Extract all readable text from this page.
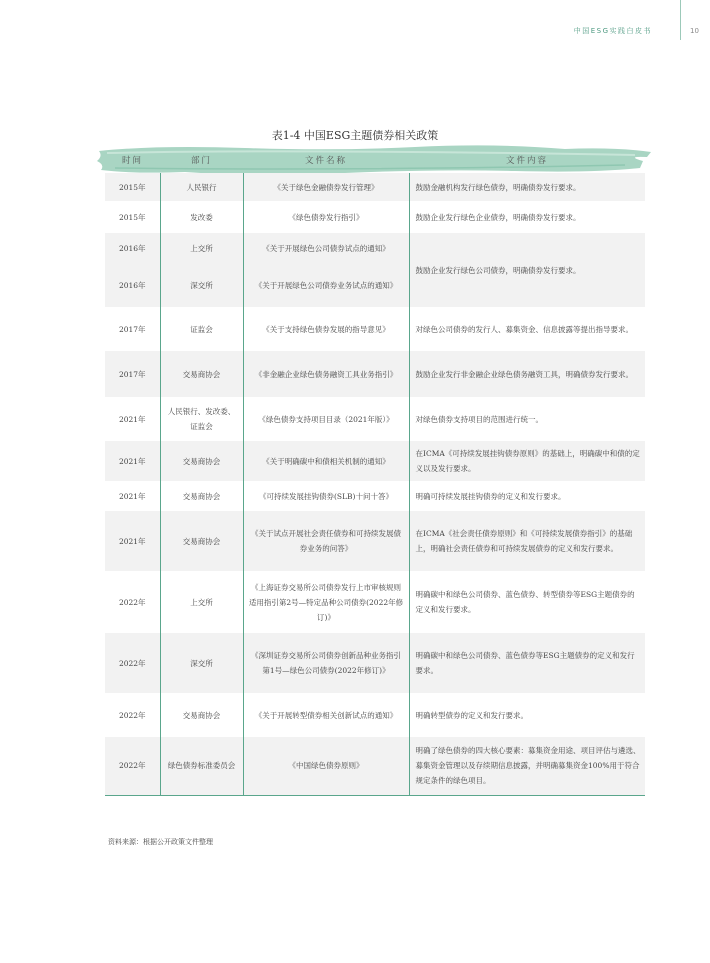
中国ESG实践白皮书	10
表1-4 中国ESG主题债券相关政策
时间	部门	文件名称	文件内容
2015年	人民银行	《关于绿色金融债券发行管理》	鼓励金融机构发行绿色债券，明确债券发行要求。
2015年	发改委	《绿色债券发行指引》	鼓励企业发行绿色企业债券，明确债券发行要求。
2016年	上交所	《关于开展绿色公司债券试点的通知》	鼓励企业发行绿色公司债券，明确债券发行要求。
2016年	深交所	《关于开展绿色公司债券业务试点的通知》	
2017年	证监会	《关于支持绿色债券发展的指导意见》	对绿色公司债券的发行人、募集资金、信息披露等提出指导要求。
2017年	交易商协会	《非金融企业绿色债务融资工具业务指引》	鼓励企业发行非金融企业绿色债务融资工具，明确债券发行要求。
2021年	人民银行、发改委、证监会	《绿色债券支持项目目录（2021年版）》	对绿色债券支持项目的范围进行统一。
2021年	交易商协会	《关于明确碳中和债相关机制的通知》	在ICMA《可持续发展挂钩债券原则》的基础上，明确碳中和债的定义以及发行要求。
2021年	交易商协会	《可持续发展挂钩债券(SLB)十问十答》	明确可持续发展挂钩债券的定义和发行要求。
2021年	交易商协会	《关于试点开展社会责任债券和可持续发展债券业务的问答》	在ICMA《社会责任债券原则》和《可持续发展债券指引》的基础上，明确社会责任债券和可持续发展债券的定义和发行要求。
2022年	上交所	《上海证券交易所公司债券发行上市审核规则适用指引第2号—特定品种公司债券(2022年修订)》	明确碳中和绿色公司债券、蓝色债券、转型债券等ESG主题债券的定义和发行要求。
2022年	深交所	《深圳证券交易所公司债券创新品种业务指引第1号—绿色公司债券(2022年修订)》	明确碳中和绿色公司债券、蓝色债券等ESG主题债券的定义和发行要求。
2022年	交易商协会	《关于开展转型债券相关创新试点的通知》	明确转型债券的定义和发行要求。
2022年	绿色债券标准委员会	《中国绿色债券原则》	明确了绿色债券的四大核心要素：募集资金用途、项目评估与遴选、募集资金管理以及存续期信息披露，并明确募集资金100%用于符合规定条件的绿色项目。
资料来源：根据公开政策文件整理
